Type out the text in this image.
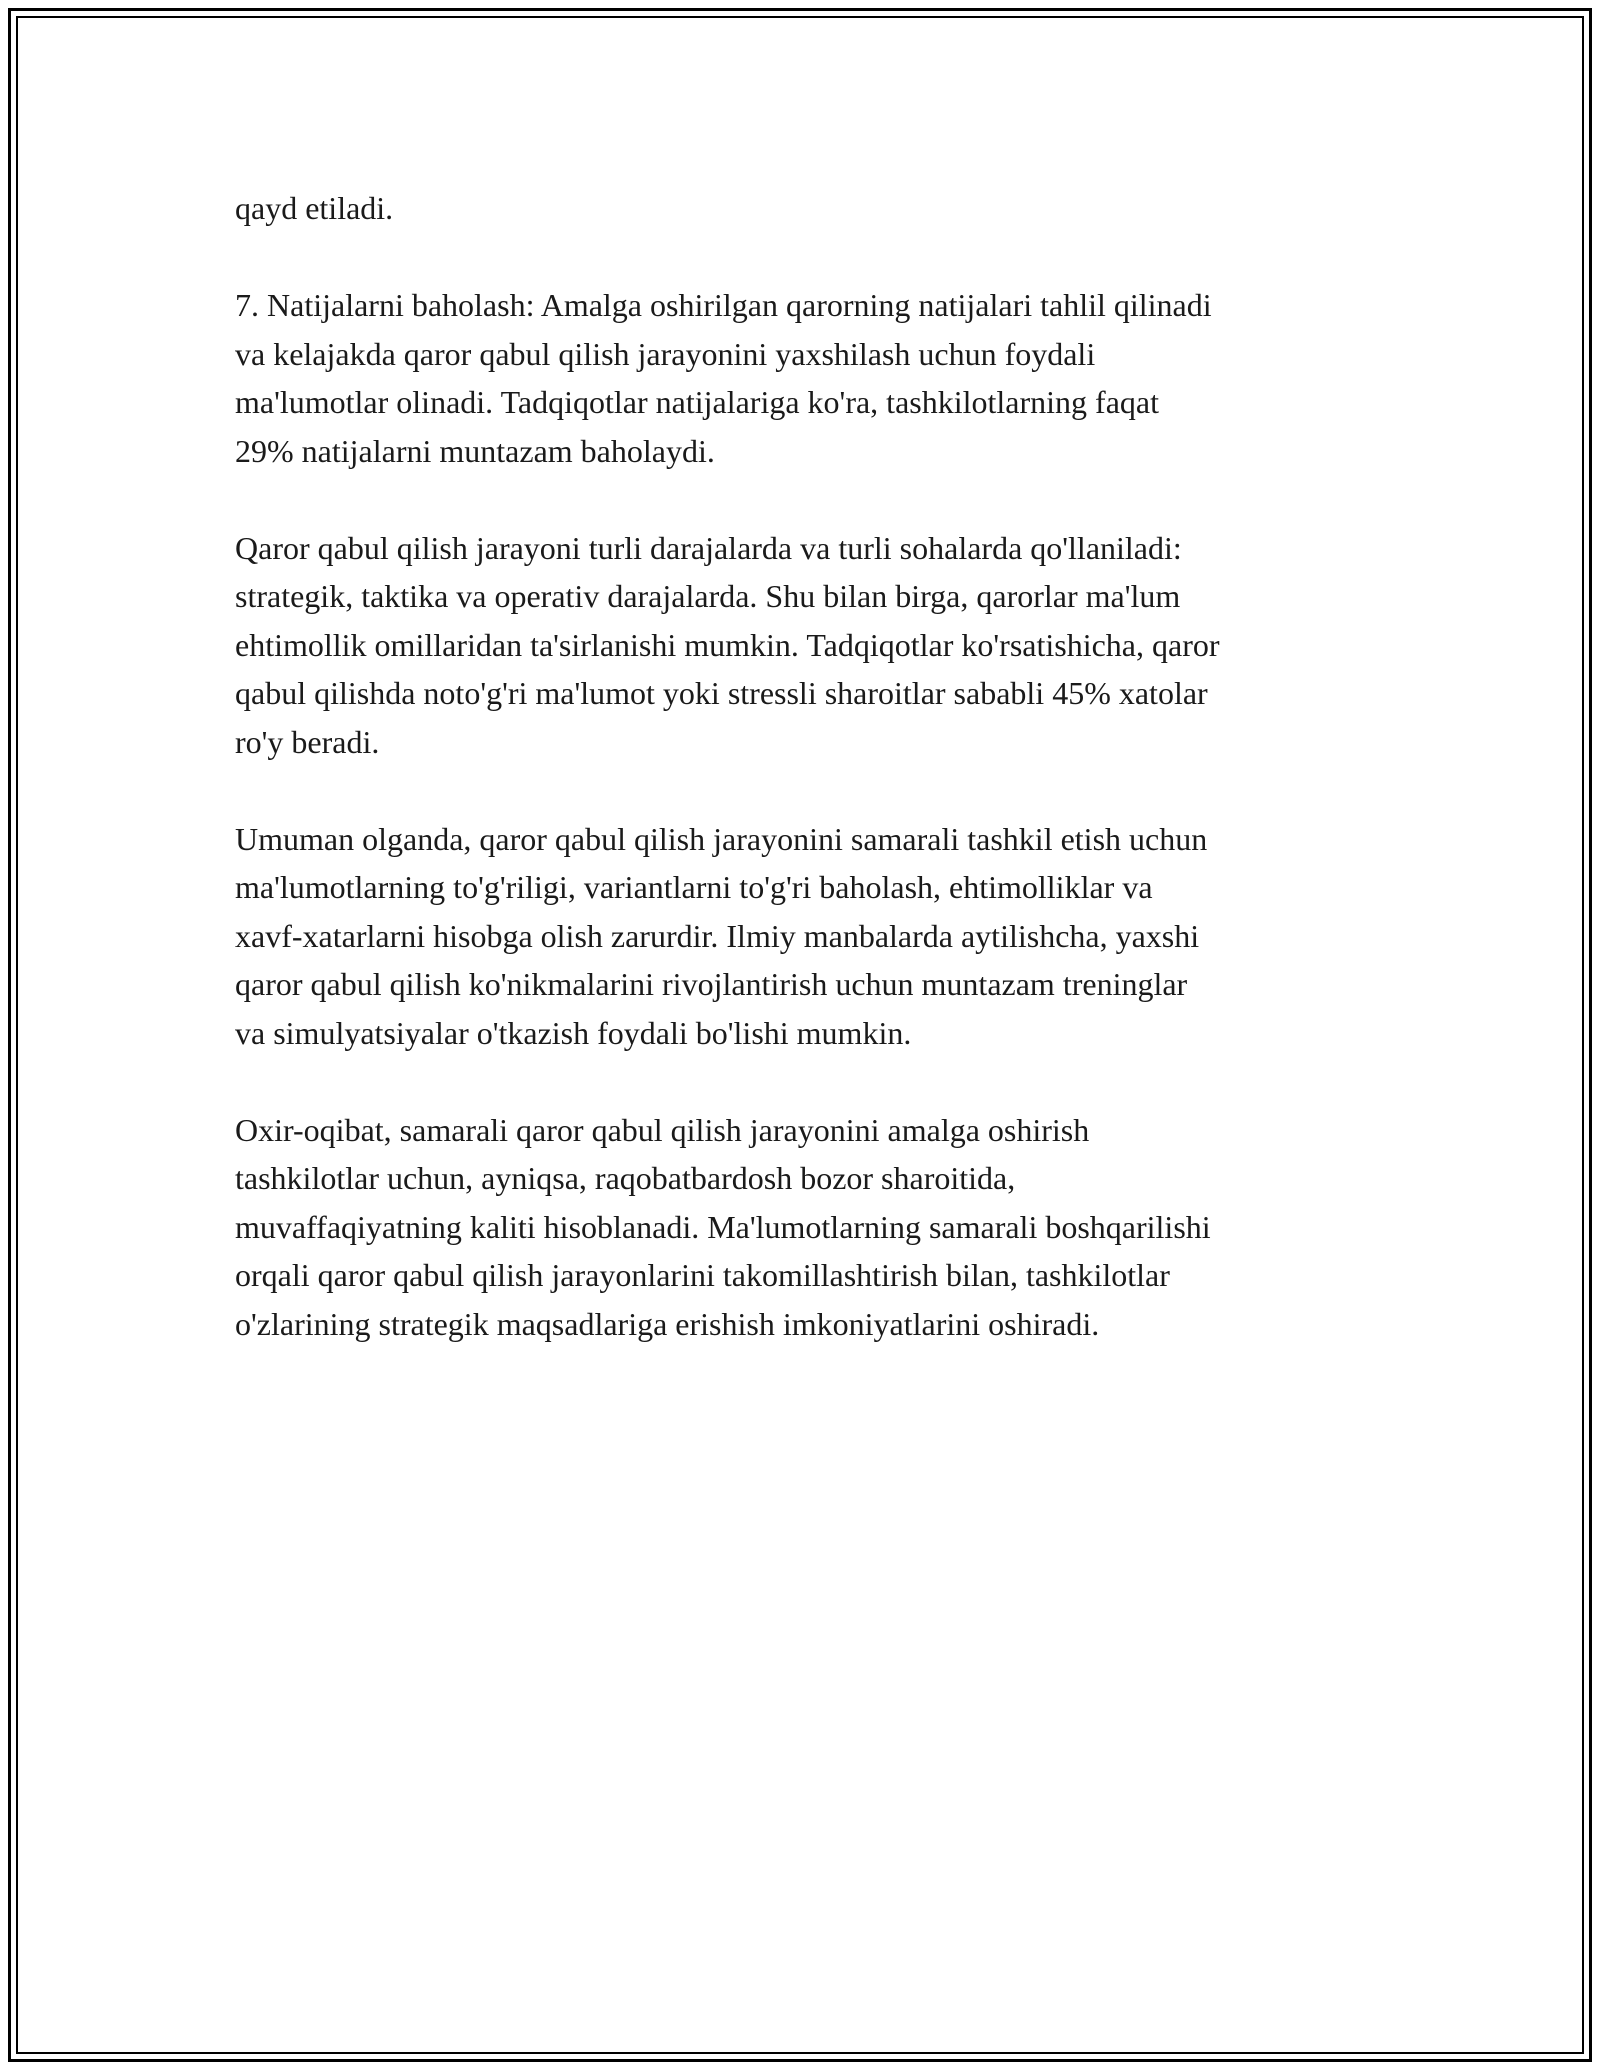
qayd etiladi.

7. Natijalarni baholash: Amalga oshirilgan qarorning natijalari tahlil qilinadi
va kelajakda qaror qabul qilish jarayonini yaxshilash uchun foydali
ma'lumotlar olinadi. Tadqiqotlar natijalariga ko'ra, tashkilotlarning faqat
29% natijalarni muntazam baholaydi.

Qaror qabul qilish jarayoni turli darajalarda va turli sohalarda qo'llaniladi:
strategik, taktika va operativ darajalarda. Shu bilan birga, qarorlar ma'lum
ehtimollik omillaridan ta'sirlanishi mumkin. Tadqiqotlar ko'rsatishicha, qaror
qabul qilishda noto'g'ri ma'lumot yoki stressli sharoitlar sababli 45% xatolar
ro'y beradi.

Umuman olganda, qaror qabul qilish jarayonini samarali tashkil etish uchun
ma'lumotlarning to'g'riligi, variantlarni to'g'ri baholash, ehtimolliklar va
xavf-xatarlarni hisobga olish zarurdir. Ilmiy manbalarda aytilishcha, yaxshi
qaror qabul qilish ko'nikmalarini rivojlantirish uchun muntazam treninglar
va simulyatsiyalar o'tkazish foydali bo'lishi mumkin.

Oxir-oqibat, samarali qaror qabul qilish jarayonini amalga oshirish
tashkilotlar uchun, ayniqsa, raqobatbardosh bozor sharoitida,
muvaffaqiyatning kaliti hisoblanadi. Ma'lumotlarning samarali boshqarilishi
orqali qaror qabul qilish jarayonlarini takomillashtirish bilan, tashkilotlar
o'zlarining strategik maqsadlariga erishish imkoniyatlarini oshiradi.
